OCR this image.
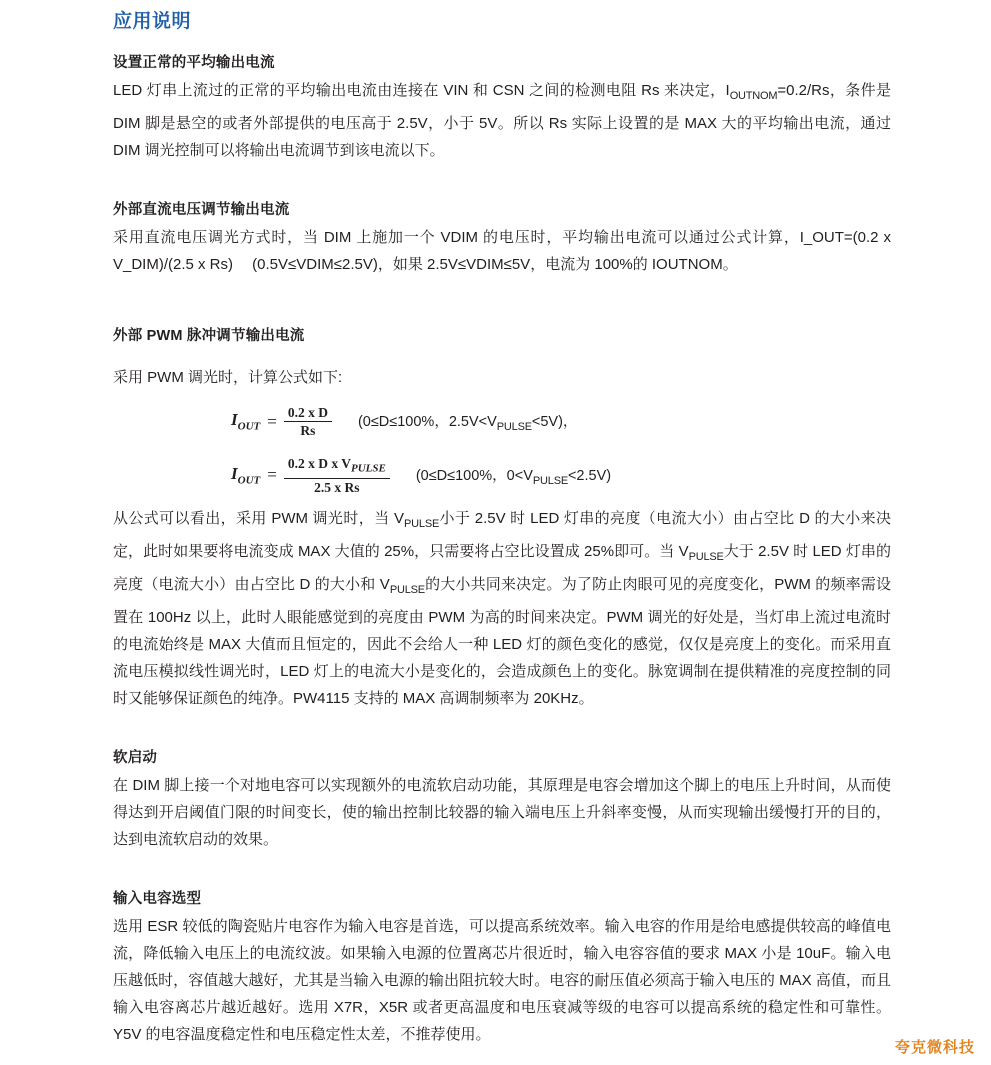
应用说明
设置正常的平均输出电流

LED 灯串上流过的正常的平均输出电流由连接在 VIN 和 CSN 之间的检测电阻 Rs 来决定，$I_{OUTNOM}=0.2/Rs$，条件是 DIM 脚是悬空的或者外部提供的电压高于 2.5V，小于 5V。所以 Rs 实际上设置的是 MAX 大的平均输出电流，通过 DIM 调光控制可以将输出电流调节到该电流以下。

外部直流电压调节输出电流

采用直流电压调光方式时，当 DIM 上施加一个 VDIM 的电压时，平均输出电流可以通过公式计算，I_OUT=(0.2 x V_DIM)/(2.5 x Rs)　 (0.5V≤VDIM≤2.5V)，如果 2.5V≤VDIM≤5V，电流为 100%的 IOUTNOM。

外部 PWM 脉冲调节输出电流

采用 PWM 调光时，计算公式如下:

$I_{OUT} = \frac{\text{0.2 x D}}{Rs} (0\le D\le 100\%$，$2.5V<V_{PULSE}<5V$)，
$I_{OUT} = \frac{0.2 x D x V_{PULSE}}{\text{2.5 x Rs}} (0\le D\le 100\%$，$0<V_{PULSE}<2.5V$)

从公式可以看出，采用 PWM 调光时，当 $V_{PULSE}$小于 2.5V 时 LED 灯串的亮度（电流大小）由占空比 D 的大小来决定，此时如果要将电流变成 MAX 大值的 25%，只需要将占空比设置成 25%即可。当 $V_{PULSE}$大于 2.5V 时 LED 灯串的亮度（电流大小）由占空比 D 的大小和 $V_{PULSE}$的大小共同来决定。为了防止肉眼可见的亮度变化，PWM 的频率需设置在 100Hz 以上，此时人眼能感觉到的亮度由 PWM 为高的时间来决定。PWM 调光的好处是，当灯串上流过电流时的电流始终是 MAX 大值而且恒定的，因此不会给人一种 LED 灯的颜色变化的感觉，仅仅是亮度上的变化。而采用直流电压模拟线性调光时，LED 灯上的电流大小是变化的，会造成颜色上的变化。脉宽调制在提供精准的亮度控制的同时又能够保证颜色的纯净。PW4115 支持的 MAX 高调制频率为 20KHz。

软启动

在 DIM 脚上接一个对地电容可以实现额外的电流软启动功能，其原理是电容会增加这个脚上的电压上升时间，从而使得达到开启阈值门限的时间变长，使的输出控制比较器的输入端电压上升斜率变慢，从而实现输出缓慢打开的目的，达到电流软启动的效果。

输入电容选型

选用 ESR 较低的陶瓷贴片电容作为输入电容是首选，可以提高系统效率。输入电容的作用是给电感提供较高的峰值电流，降低输入电压上的电流纹波。如果输入电源的位置离芯片很近时，输入电容容值的要求 MAX 小是 10uF。输入电压越低时，容值越大越好，尤其是当输入电源的输出阻抗较大时。电容的耐压值必须高于输入电压的 MAX 高值，而且输入电容离芯片越近越好。选用 X7R，X5R 或者更高温度和电压衰减等级的电容可以提高系统的稳定性和可靠性。Y5V 的电容温度稳定性和电压稳定性太差，不推荐使用。

夸克微科技
